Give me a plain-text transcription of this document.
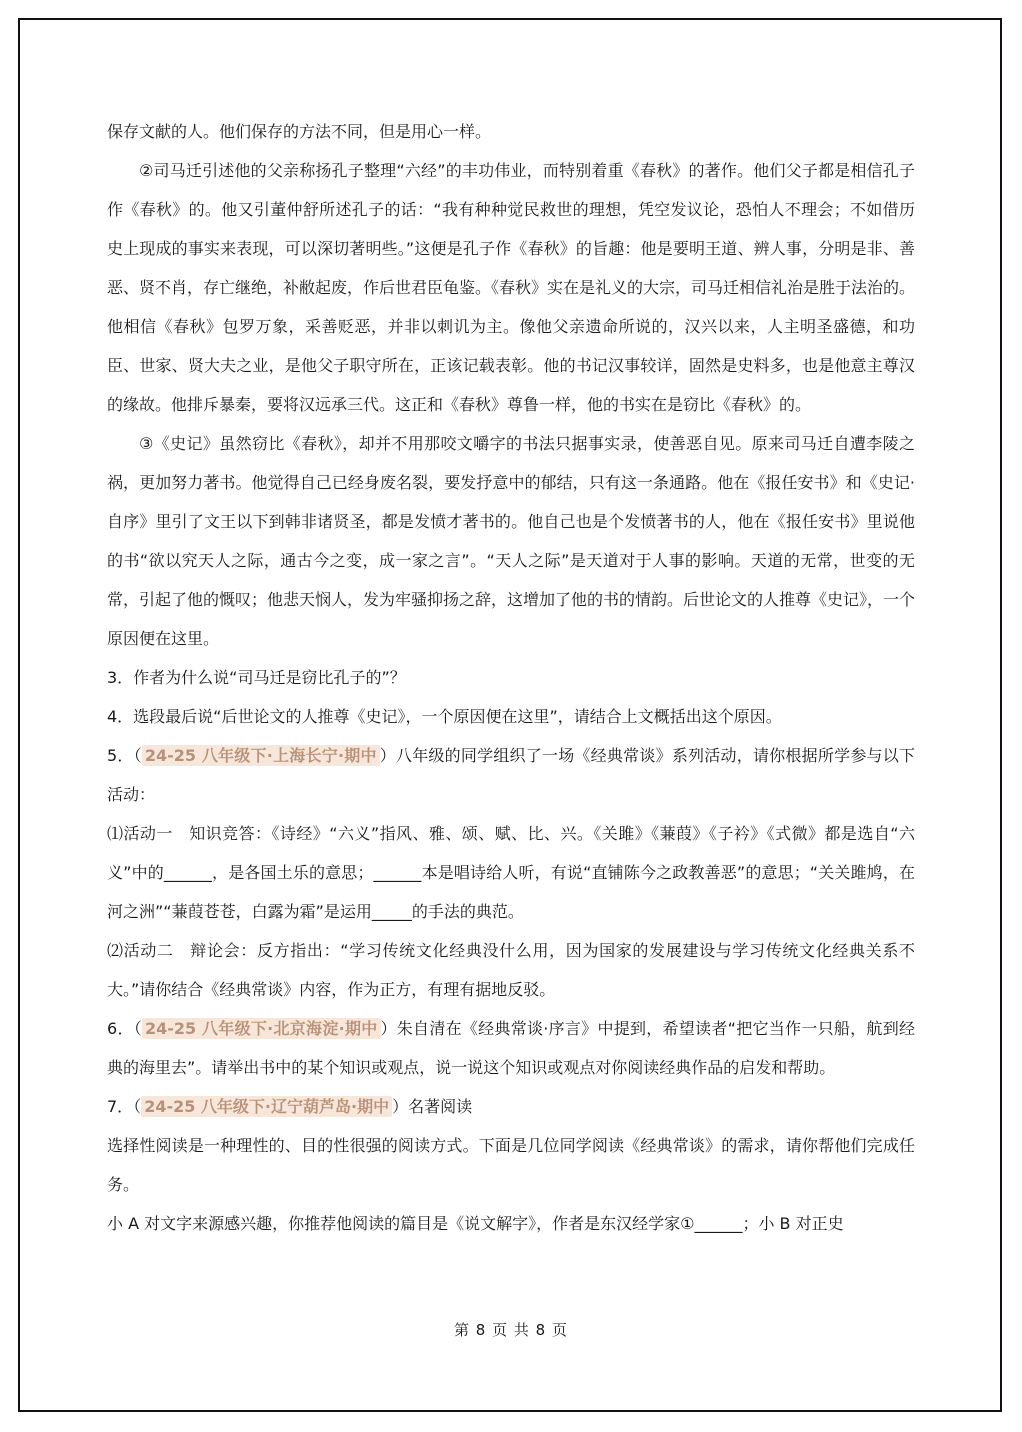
保存文献的人。他们保存的方法不同，但是用心一样。

②司马迁引述他的父亲称扬孔子整理“六经”的丰功伟业，而特别着重《春秋》的著作。他们父子都是相信孔子作《春秋》的。他又引董仲舒所述孔子的话：“我有种种觉民救世的理想，凭空发议论，恐怕人不理会；不如借历史上现成的事实来表现，可以深切著明些。”这便是孔子作《春秋》的旨趣：他是要明王道、辨人事，分明是非、善恶、贤不肖，存亡继绝，补敝起废，作后世君臣龟鉴。《春秋》实在是礼义的大宗，司马迁相信礼治是胜于法治的。他相信《春秋》包罗万象，采善贬恶，并非以刺讥为主。像他父亲遗命所说的，汉兴以来，人主明圣盛德，和功臣、世家、贤大夫之业，是他父子职守所在，正该记载表彰。他的书记汉事较详，固然是史料多，也是他意主尊汉的缘故。他排斥暴秦，要将汉远承三代。这正和《春秋》尊鲁一样，他的书实在是窃比《春秋》的。

③《史记》虽然窃比《春秋》，却并不用那咬文嚼字的书法只据事实录，使善恶自见。原来司马迁自遭李陵之祸，更加努力著书。他觉得自己已经身废名裂，要发抒意中的郁结，只有这一条通路。他在《报任安书》和《史记·自序》里引了文王以下到韩非诸贤圣，都是发愤才著书的。他自己也是个发愤著书的人，他在《报任安书》里说他的书“欲以究天人之际，通古今之变，成一家之言”。“天人之际”是天道对于人事的影响。天道的无常，世变的无常，引起了他的慨叹；他悲天悯人，发为牢骚抑扬之辞，这增加了他的书的情韵。后世论文的人推尊《史记》，一个原因便在这里。

3．作者为什么说“司马迁是窃比孔子的”？

4．选段最后说“后世论文的人推尊《史记》，一个原因便在这里”，请结合上文概括出这个原因。

5．（ 24-25 八年级下·上海长宁·期中 ）八年级的同学组织了一场《经典常谈》系列活动，请你根据所学参与以下活动：

⑴活动一　知识竞答：《诗经》“六义”指风、雅、颂、赋、比、兴。《关雎》《蒹葭》《子衿》《式微》都是选自“六义”中的______，是各国土乐的意思；______本是唱诗给人听，有说“直铺陈今之政教善恶”的意思；“关关雎鸠，在河之洲”“蒹葭苍苍，白露为霜”是运用_____的手法的典范。

⑵活动二　辩论会：反方指出：“学习传统文化经典没什么用，因为国家的发展建设与学习传统文化经典关系不大。”请你结合《经典常谈》内容，作为正方，有理有据地反驳。

6．（ 24-25 八年级下·北京海淀·期中 ）朱自清在《经典常谈·序言》中提到，希望读者“把它当作一只船，航到经典的海里去”。请举出书中的某个知识或观点，说一说这个知识或观点对你阅读经典作品的启发和帮助。

7．（ 24-25 八年级下·辽宁葫芦岛·期中 ）名著阅读

选择性阅读是一种理性的、目的性很强的阅读方式。下面是几位同学阅读《经典常谈》的需求，请你帮他们完成任务。

小 A 对文字来源感兴趣，你推荐他阅读的篇目是《说文解字》，作者是东汉经学家①______；小 B 对正史

第 8 页 共 8 页
